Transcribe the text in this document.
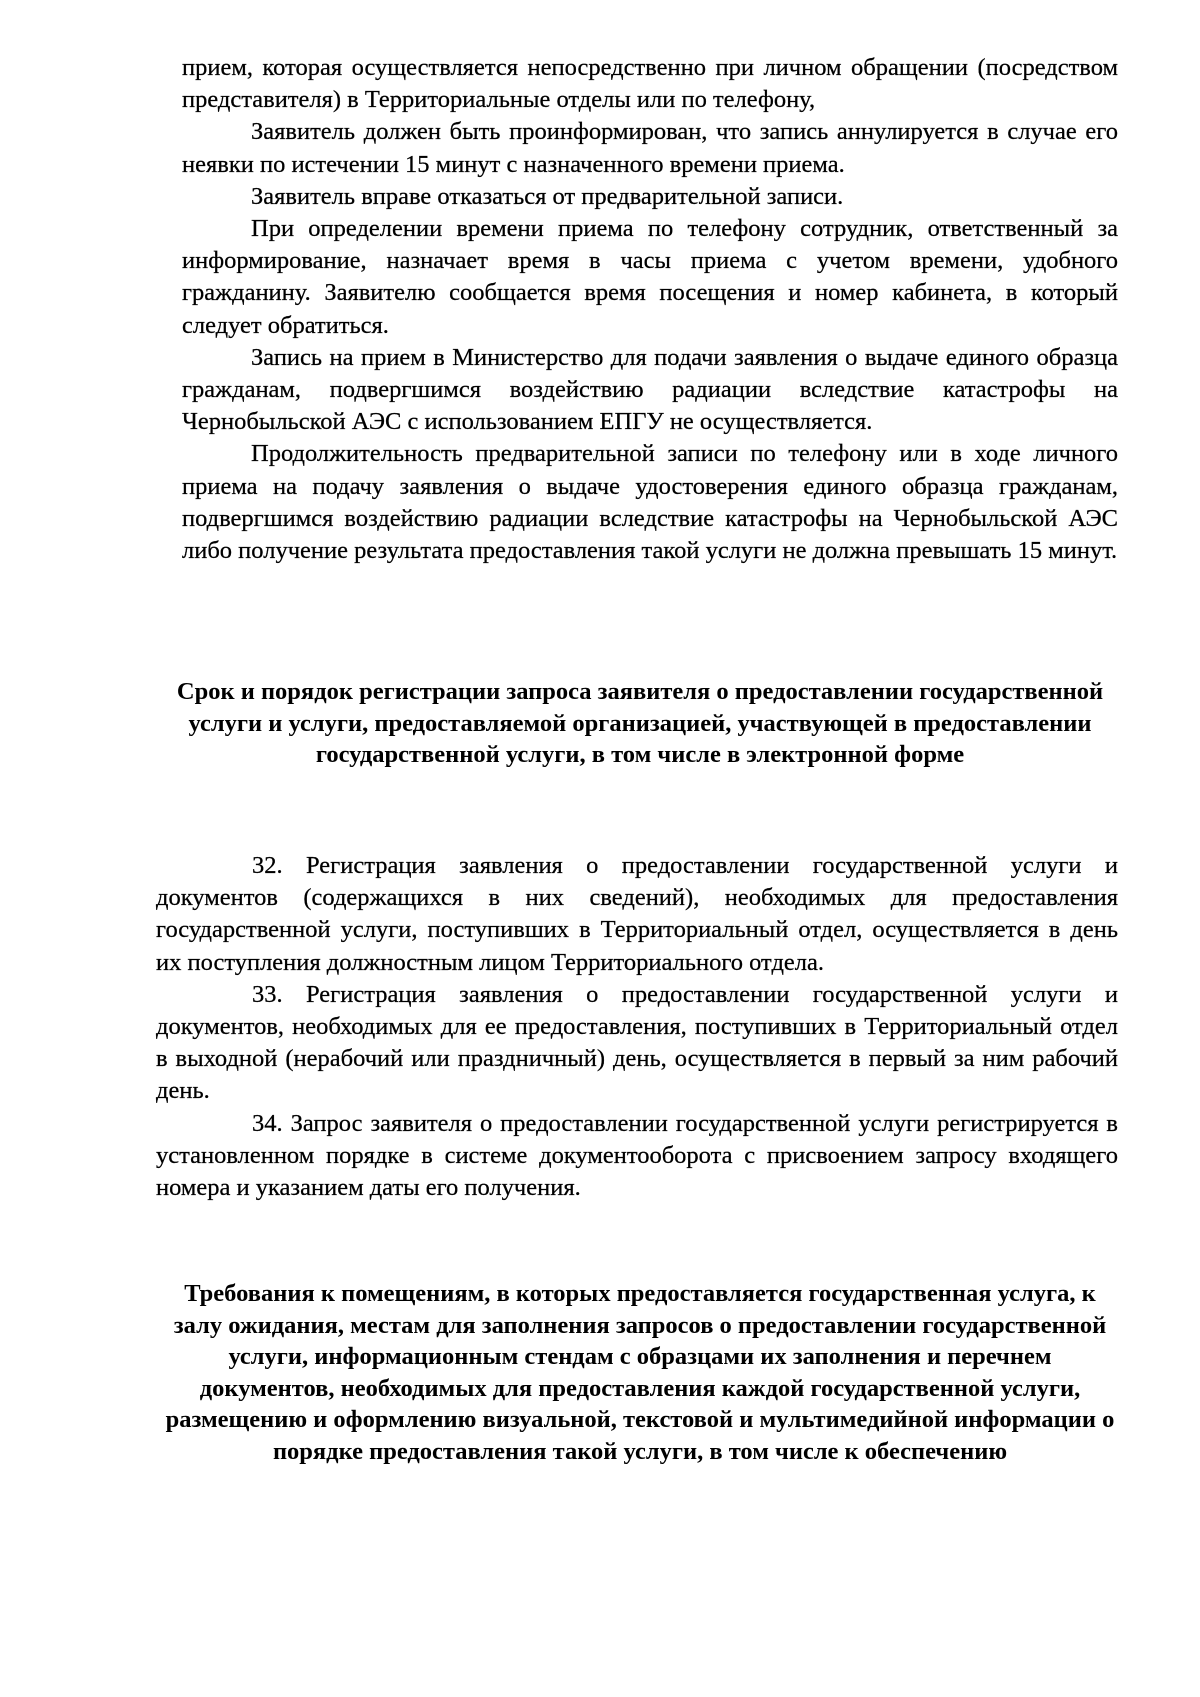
прием, которая осуществляется непосредственно при личном обращении (посредством представителя) в Территориальные отделы или по телефону,

Заявитель должен быть проинформирован, что запись аннулируется в случае его неявки по истечении 15 минут с назначенного времени приема.

Заявитель вправе отказаться от предварительной записи.

При определении времени приема по телефону сотрудник, ответственный за информирование, назначает время в часы приема с учетом времени, удобного гражданину. Заявителю сообщается время посещения и номер кабинета, в который следует обратиться.

Запись на прием в Министерство для подачи заявления о выдаче единого образца гражданам, подвергшимся воздействию радиации вследствие катастрофы на Чернобыльской АЭС с использованием ЕПГУ не осуществляется.

Продолжительность предварительной записи по телефону или в ходе личного приема на подачу заявления о выдаче удостоверения единого образца гражданам, подвергшимся воздействию радиации вследствие катастрофы на Чернобыльской АЭС либо получение результата предоставления такой услуги не должна превышать 15 минут.

Срок и порядок регистрации запроса заявителя о предоставлении государственной услуги и услуги, предоставляемой организацией, участвующей в предоставлении государственной услуги, в том числе в электронной форме

32. Регистрация заявления о предоставлении государственной услуги и документов (содержащихся в них сведений), необходимых для предоставления государственной услуги, поступивших в Территориальный отдел, осуществляется в день их поступления должностным лицом Территориального отдела.

33. Регистрация заявления о предоставлении государственной услуги и документов, необходимых для ее предоставления, поступивших в Территориальный отдел в выходной (нерабочий или праздничный) день, осуществляется в первый за ним рабочий день.

34. Запрос заявителя о предоставлении государственной услуги регистрируется в установленном порядке в системе документооборота с присвоением запросу входящего номера и указанием даты его получения.

Требования к помещениям, в которых предоставляется государственная услуга, к залу ожидания, местам для заполнения запросов о предоставлении государственной услуги, информационным стендам с образцами их заполнения и перечнем документов, необходимых для предоставления каждой государственной услуги, размещению и оформлению визуальной, текстовой и мультимедийной информации о порядке предоставления такой услуги, в том числе к обеспечению
